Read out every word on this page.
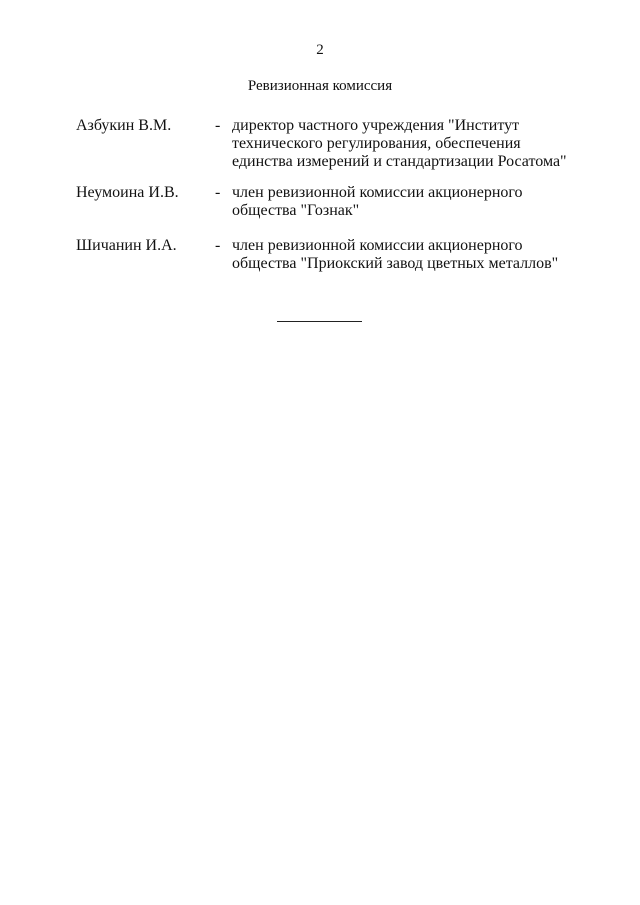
2
Ревизионная комиссия
Азбукин В.М.	- директор частного учреждения "Институт
технического регулирования, обеспечения
единства измерений и стандартизации Росатома"
Неумоина И.В. - член ревизионной комиссии акционерного
общества "Гознак"
Шичанин И.А. - член ревизионной комиссии акционерного
общества "Приокский завод цветных металлов"
